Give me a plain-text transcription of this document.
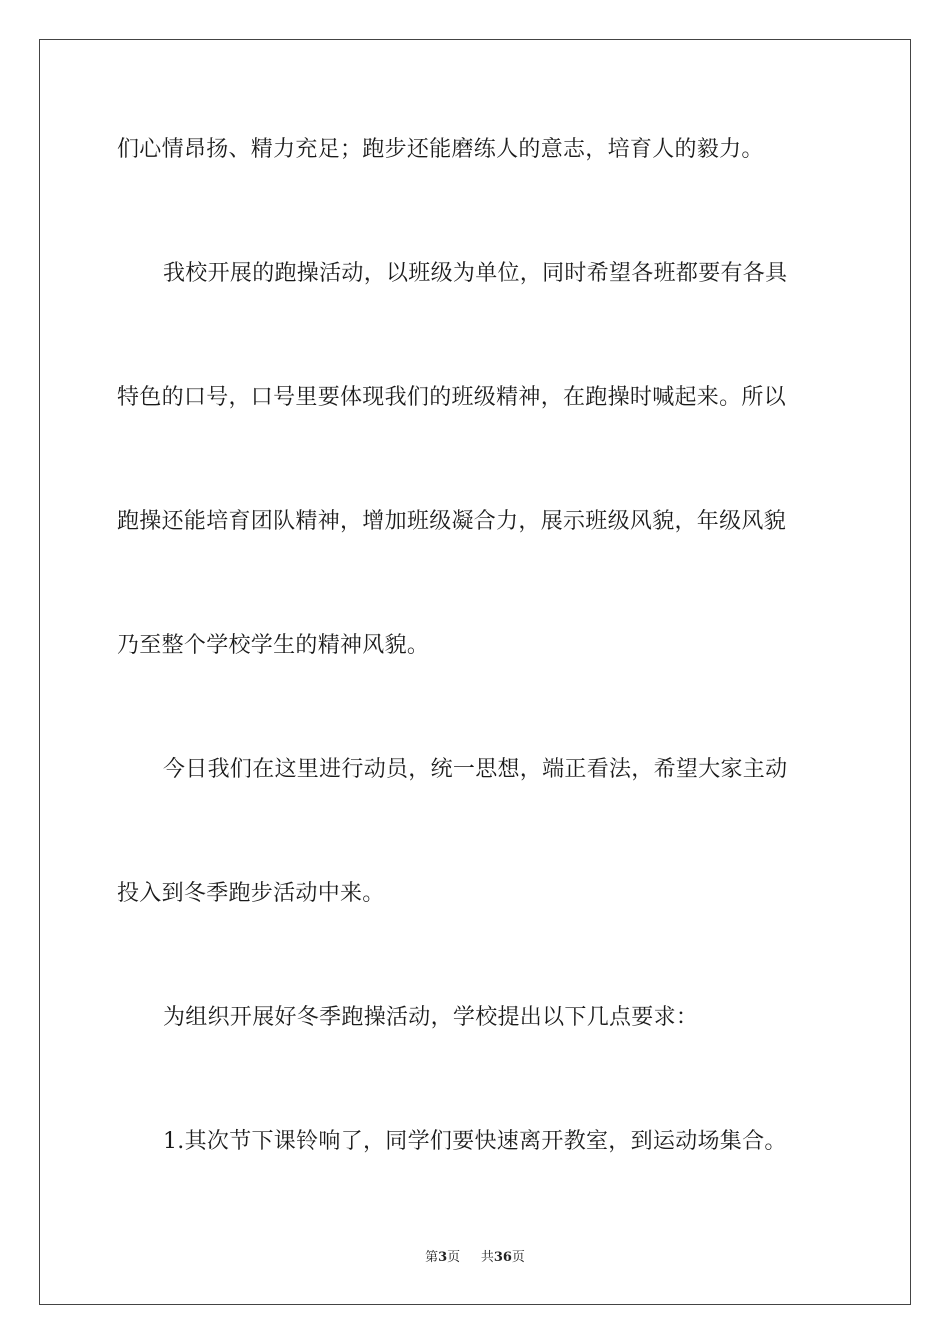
们心情昂扬、精力充足；跑步还能磨练人的意志，培育人的毅力。
我校开展的跑操活动，以班级为单位，同时希望各班都要有各具
特色的口号，口号里要体现我们的班级精神，在跑操时喊起来。所以
跑操还能培育团队精神，增加班级凝合力，展示班级风貌，年级风貌
乃至整个学校学生的精神风貌。
今日我们在这里进行动员，统一思想，端正看法，希望大家主动
投入到冬季跑步活动中来。
为组织开展好冬季跑操活动，学校提出以下几点要求：
1.其次节下课铃响了，同学们要快速离开教室，到运动场集合。
第3页 共36页
